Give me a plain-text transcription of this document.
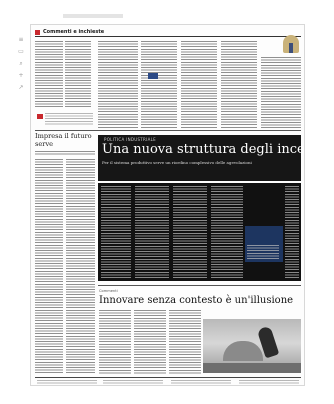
≡
▭
⌕
+
↗
Commenti e inchieste
Impresa il futuro serve	POLITICA INDUSTRIALE
Una nuova struttura degli incentivi
Per il sistema produttivo serve un riordino complessivo delle agevolazioni
Commenti
Innovare senza contesto è un'illusione
